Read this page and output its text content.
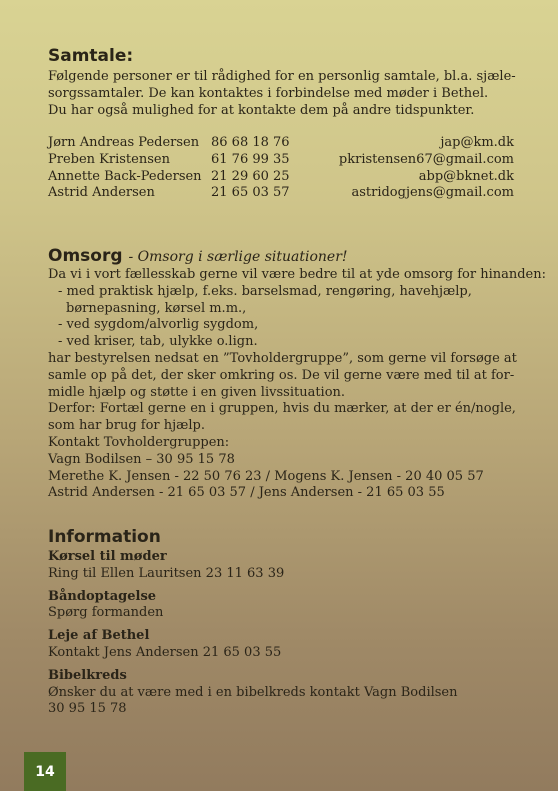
Samtale:
Følgende personer er til rådighed for en personlig samtale, bl.a. sjæle-
sorgssamtaler. De kan kontaktes i forbindelse med møder i Bethel.
Du har også mulighed for at kontakte dem på andre tidspunkter.
Jørn Andreas Pedersen	86 68 18 76	jap@km.dk
Preben Kristensen	61 76 99 35	pkristensen67@gmail.com
Annette Back-Pedersen	21 29 60 25	abp@bknet.dk
Astrid Andersen	21 65 03 57	astridogjens@gmail.com
Omsorg - Omsorg i særlige situationer!
Da vi i vort fællesskab gerne vil være bedre til at yde omsorg for hinanden:
- med praktisk hjælp, f.eks. barselsmad, rengøring, havehjælp,
børnepasning, kørsel m.m.,
- ved sygdom/alvorlig sygdom,
- ved kriser, tab, ulykke o.lign.
har bestyrelsen nedsat en ”Tovholdergruppe”, som gerne vil forsøge at
samle op på det, der sker omkring os. De vil gerne være med til at for-
midle hjælp og støtte i en given livssituation.
Derfor: Fortæl gerne en i gruppen, hvis du mærker, at der er én/nogle,
som har brug for hjælp.
Kontakt Tovholdergruppen:
Vagn Bodilsen – 30 95 15 78
Merethe K. Jensen - 22 50 76 23 / Mogens K. Jensen - 20 40 05 57
Astrid Andersen - 21 65 03 57 / Jens Andersen - 21 65 03 55
Information
Kørsel til møder
Ring til Ellen Lauritsen 23 11 63 39
Båndoptagelse
Spørg formanden
Leje af Bethel
Kontakt Jens Andersen 21 65 03 55
Bibelkreds
Ønsker du at være med i en bibelkreds kontakt Vagn Bodilsen
30 95 15 78
14
